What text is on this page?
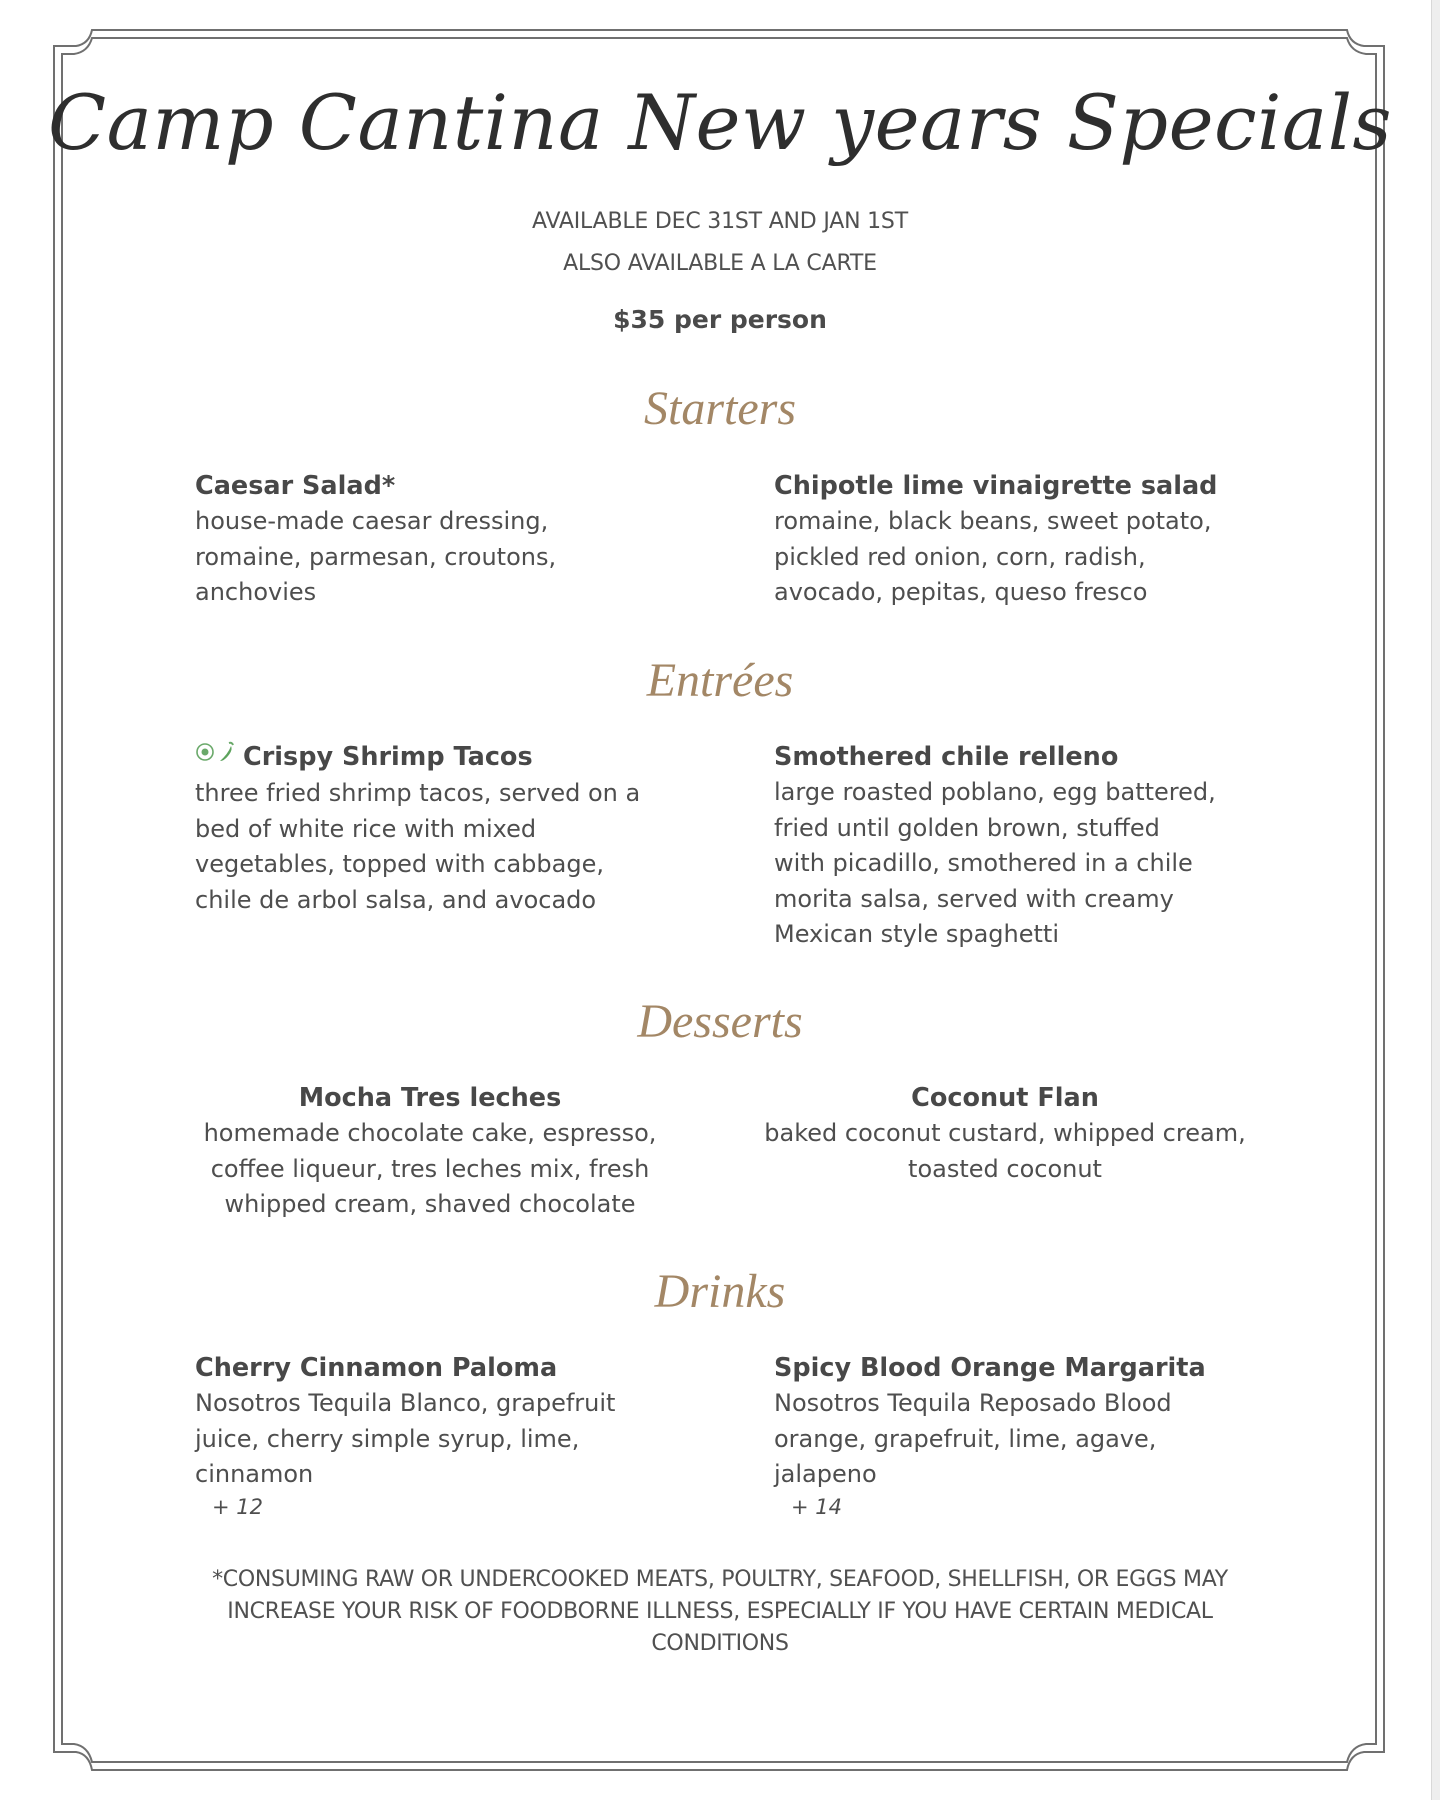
Camp Cantina New years Specials
AVAILABLE DEC 31ST AND JAN 1ST
ALSO AVAILABLE A LA CARTE
$35 per person
Starters
Caesar Salad*
house-made caesar dressing,
romaine, parmesan, croutons,
anchovies
Chipotle lime vinaigrette salad
romaine, black beans, sweet potato,
pickled red onion, corn, radish,
avocado, pepitas, queso fresco
Entrées
Crispy Shrimp Tacos
three fried shrimp tacos, served on a
bed of white rice with mixed
vegetables, topped with cabbage,
chile de arbol salsa, and avocado
Smothered chile relleno
large roasted poblano, egg battered,
fried until golden brown, stuffed
with picadillo, smothered in a chile
morita salsa, served with creamy
Mexican style spaghetti
Desserts
Mocha Tres leches
homemade chocolate cake, espresso,
coffee liqueur, tres leches mix, fresh
whipped cream, shaved chocolate
Coconut Flan
baked coconut custard, whipped cream,
toasted coconut
Drinks
Cherry Cinnamon Paloma
Nosotros Tequila Blanco, grapefruit
juice, cherry simple syrup, lime,
cinnamon
+ 12
Spicy Blood Orange Margarita
Nosotros Tequila Reposado Blood
orange, grapefruit, lime, agave,
jalapeno
+ 14
*CONSUMING RAW OR UNDERCOOKED MEATS, POULTRY, SEAFOOD, SHELLFISH, OR EGGS MAY
INCREASE YOUR RISK OF FOODBORNE ILLNESS, ESPECIALLY IF YOU HAVE CERTAIN MEDICAL
CONDITIONS
